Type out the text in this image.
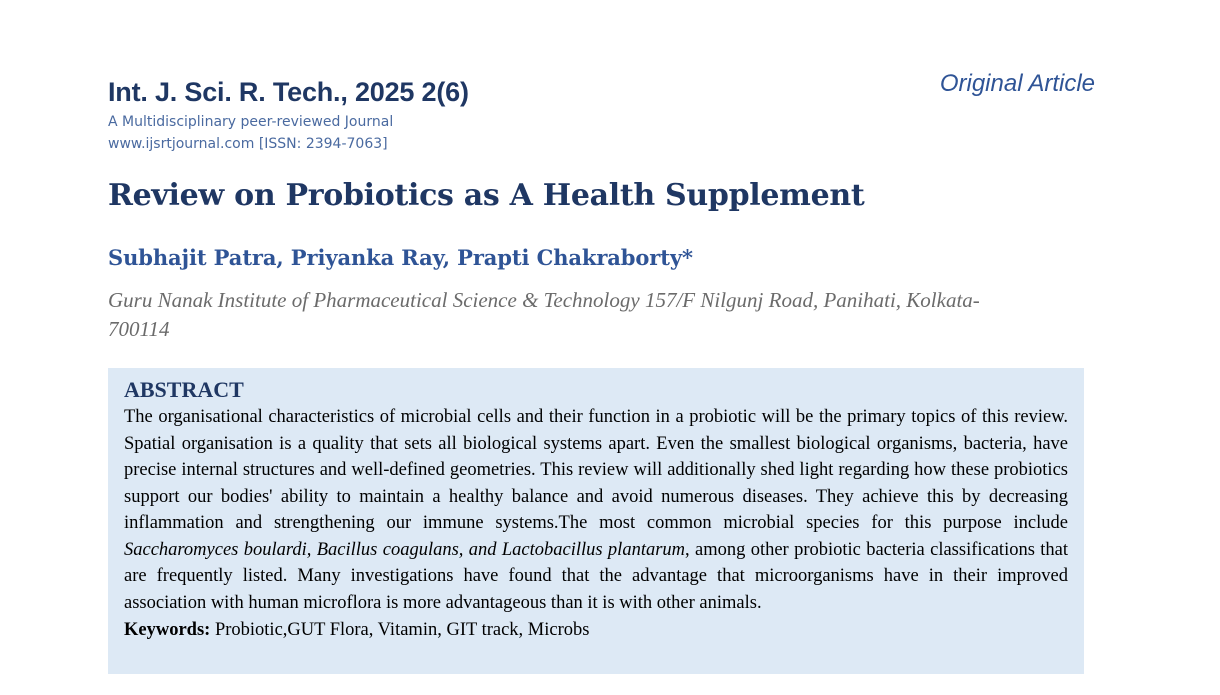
Int. J. Sci. R. Tech., 2025 2(6)
A Multidisciplinary peer-reviewed Journal
www.ijsrtjournal.com [ISSN: 2394-7063]
Original Article
Review on Probiotics as A Health Supplement
Subhajit Patra, Priyanka Ray, Prapti Chakraborty*
Guru Nanak Institute of Pharmaceutical Science & Technology 157/F Nilgunj Road, Panihati, Kolkata-700114
ABSTRACT

The organisational characteristics of microbial cells and their function in a probiotic will be the primary topics of this review. Spatial organisation is a quality that sets all biological systems apart. Even the smallest biological organisms, bacteria, have precise internal structures and well-defined geometries. This review will additionally shed light regarding how these probiotics support our bodies' ability to maintain a healthy balance and avoid numerous diseases. They achieve this by decreasing inflammation and strengthening our immune systems.The most common microbial species for this purpose include Saccharomyces boulardi, Bacillus coagulans, and Lactobacillus plantarum, among other probiotic bacteria classifications that are frequently listed. Many investigations have found that the advantage that microorganisms have in their improved association with human microflora is more advantageous than it is with other animals.

Keywords: Probiotic,GUT Flora, Vitamin, GIT track, Microbs
